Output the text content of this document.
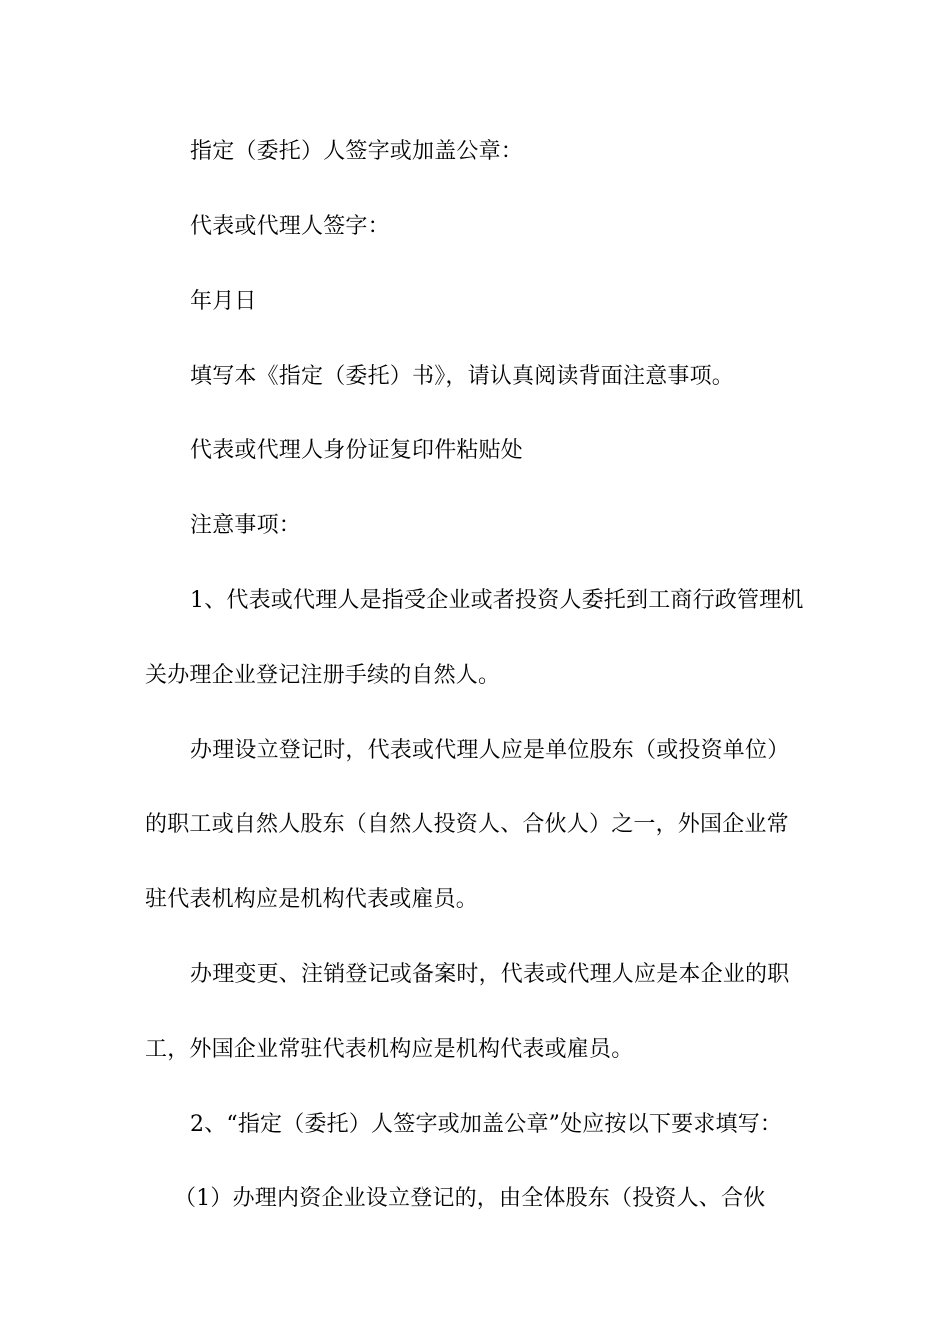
指定（委托）人签字或加盖公章：
代表或代理人签字：
年月日
填写本《指定（委托）书》，请认真阅读背面注意事项。
代表或代理人身份证复印件粘贴处
注意事项：
1、代表或代理人是指受企业或者投资人委托到工商行政管理机
关办理企业登记注册手续的自然人。
办理设立登记时，代表或代理人应是单位股东（或投资单位）
的职工或自然人股东（自然人投资人、合伙人）之一，外国企业常
驻代表机构应是机构代表或雇员。
办理变更、注销登记或备案时，代表或代理人应是本企业的职
工，外国企业常驻代表机构应是机构代表或雇员。
2、“指定（委托）人签字或加盖公章”处应按以下要求填写：
（1）办理内资企业设立登记的，由全体股东（投资人、合伙
